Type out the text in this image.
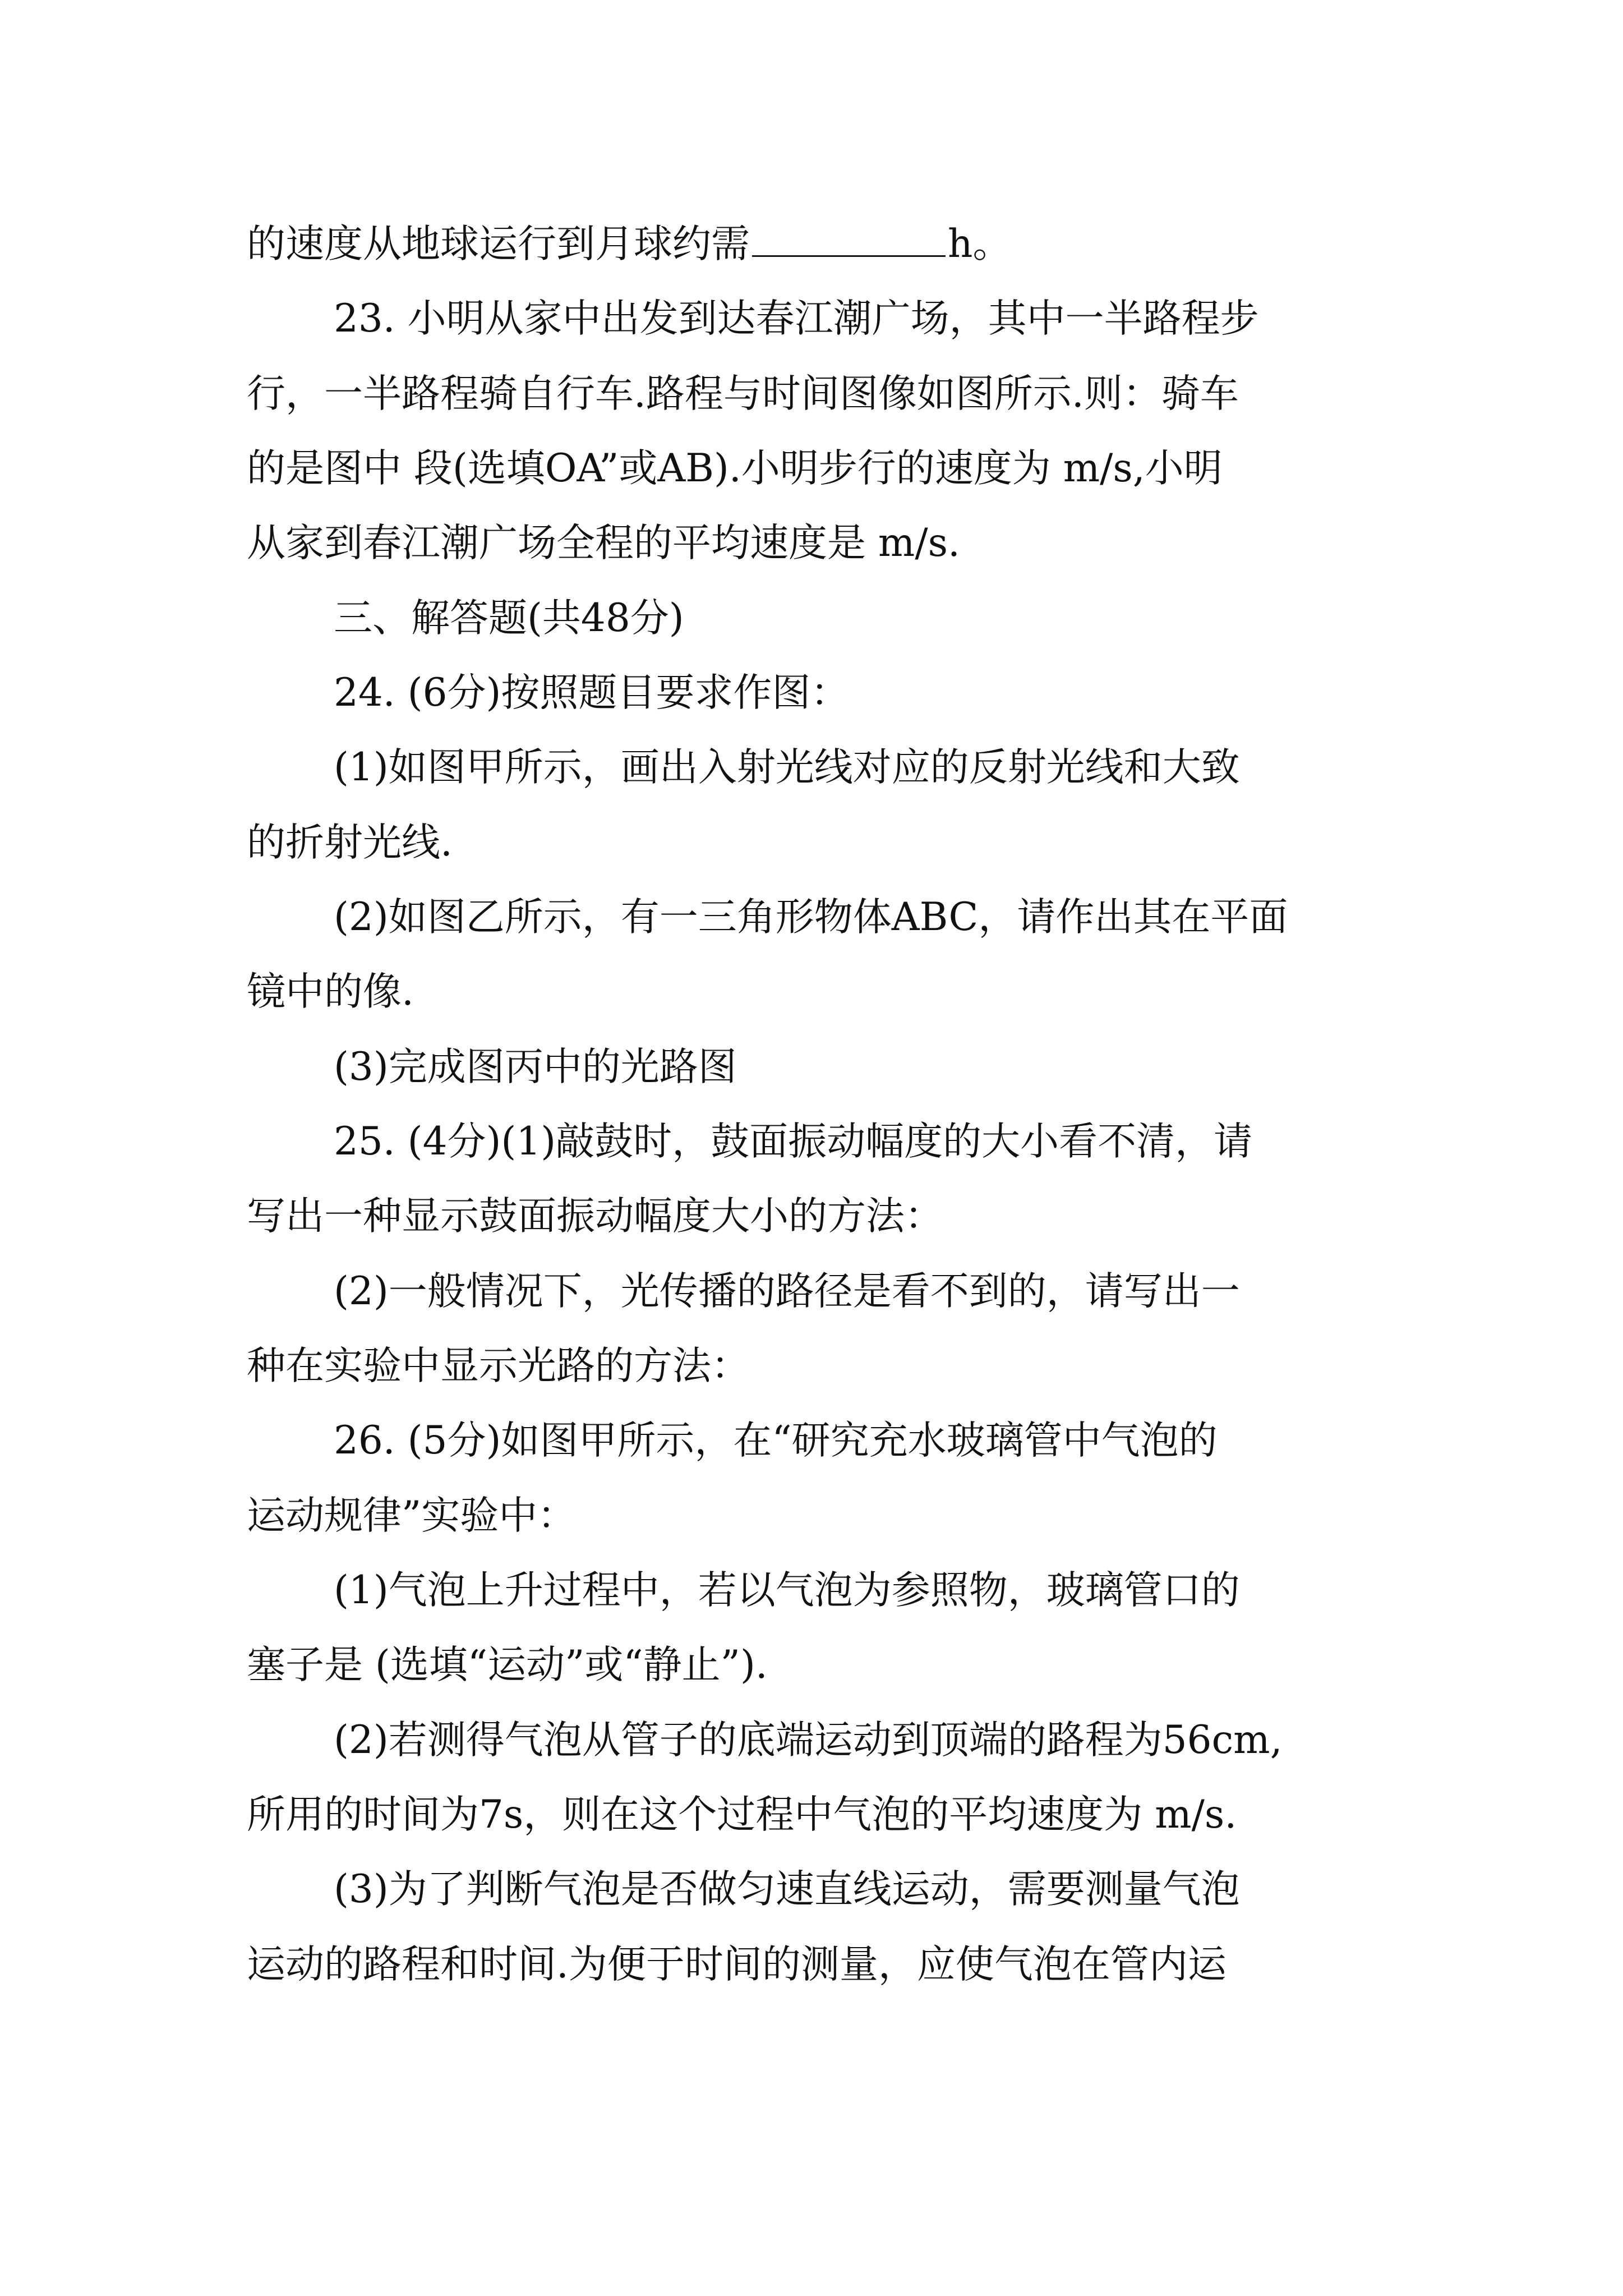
的速度从地球运行到月球约需	h。
23. 小明从家中出发到达春江潮广场，其中一半路程步
行，一半路程骑自行车.路程与时间图像如图所示.则：骑车
的是图中 段(选填OA”或AB).小明步行的速度为 m/s,小明
从家到春江潮广场全程的平均速度是 m/s.
三、解答题(共48分)
24. (6分)按照题目要求作图：
(1)如图甲所示，画出入射光线对应的反射光线和大致
的折射光线.
(2)如图乙所示，有一三角形物体ABC，请作出其在平面
镜中的像.
(3)完成图丙中的光路图
25. (4分)(1)敲鼓时，鼓面振动幅度的大小看不清，请
写出一种显示鼓面振动幅度大小的方法：
(2)一般情况下，光传播的路径是看不到的，请写出一
种在实验中显示光路的方法：
26. (5分)如图甲所示，在“研究充水玻璃管中气泡的
运动规律”实验中：
(1)气泡上升过程中，若以气泡为参照物，玻璃管口的
塞子是 (选填“运动”或“静止”).
(2)若测得气泡从管子的底端运动到顶端的路程为56cm,
所用的时间为7s，则在这个过程中气泡的平均速度为 m/s.
(3)为了判断气泡是否做匀速直线运动，需要测量气泡
运动的路程和时间.为便于时间的测量，应使气泡在管内运
